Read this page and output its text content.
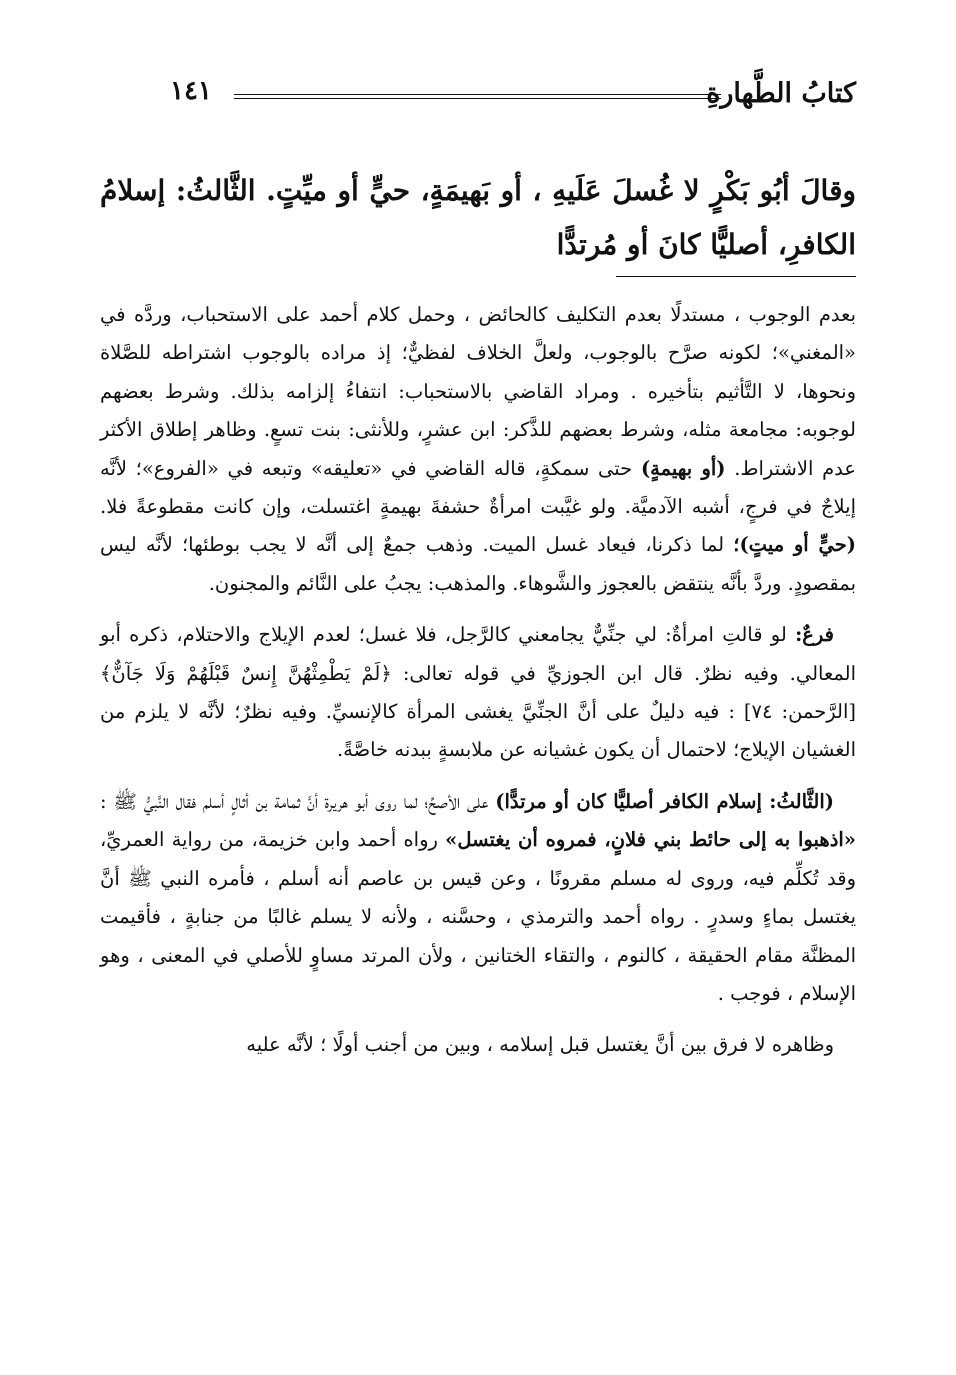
كتابُ الطَّهارةِ
١٤١
وقالَ أبُو بَكْرٍ لا غُسلَ عَلَيهِ ، أو بَهيمَةٍ، حيٍّ أو ميِّتٍ. الثَّالثُ: إسلامُ الكافرِ، أصليًّا كانَ أو مُرتدًّا

بعدم الوجوب ، مستدلًا بعدم التكليف كالحائض ، وحمل كلام أحمد على الاستحباب، وردَّه في «المغني»؛ لكونه صرَّح بالوجوب، ولعلَّ الخلاف لفظيٌّ؛ إذ مراده بالوجوب اشتراطه للصَّلاة ونحوها، لا التَّأثيم بتأخيره . ومراد القاضي بالاستحباب: انتفاءُ إلزامه بذلك. وشرط بعضهم لوجوبه: مجامعة مثله، وشرط بعضهم للذَّكر: ابن عشرٍ، وللأنثى: بنت تسعٍ. وظاهر إطلاق الأكثر عدم الاشتراط. (أو بهيمةٍ) حتى سمكةٍ، قاله القاضي في «تعليقه» وتبعه في «الفروع»؛ لأنَّه إيلاجٌ في فرجٍ، أشبه الآدميَّة. ولو غيَّبت امرأةٌ حشفةَ بهيمةٍ اغتسلت، وإن كانت مقطوعةً فلا. (حيٍّ أو ميتٍ)؛ لما ذكرنا، فيعاد غسل الميت. وذهب جمعٌ إلى أنَّه لا يجب بوطئها؛ لأنَّه ليس بمقصودٍ. وردَّ بأنَّه ينتقض بالعجوز والشَّوهاء. والمذهب: يجبُ على النَّائم والمجنون.

فرعٌ: لو قالتِ امرأةٌ: لي جنِّيٌّ يجامعني كالرَّجل، فلا غسل؛ لعدم الإيلاج والاحتلام، ذكره أبو المعالي. وفيه نظرٌ. قال ابن الجوزيِّ في قوله تعالى: ﴿لَمْ يَطْمِثْهُنَّ إِنسٌ قَبْلَهُمْ وَلَا جَآنٌّ﴾ [الرَّحمن: ٧٤] : فيه دليلٌ على أنَّ الجنِّيَّ يغشى المرأة كالإنسيِّ. وفيه نظرٌ؛ لأنَّه لا يلزم من الغشيان الإيلاج؛ لاحتمال أن يكون غشيانه عن ملابسةٍ ببدنه خاصَّةً.

(الثَّالثُ: إسلام الكافر أصليًّا كان أو مرتدًّا) على الأصحِّ؛ لما روى أبو هريرة أنَّ ثمامة بن أثالٍ أسلم فقال النَّبيُّ ﷺ : «اذهبوا به إلى حائط بني فلانٍ، فمروه أن يغتسل» رواه أحمد وابن خزيمة، من رواية العمريِّ، وقد تُكلِّم فيه، وروى له مسلم مقرونًا ، وعن قيس بن عاصم أنه أسلم ، فأمره النبي ﷺ أنَّ يغتسل بماءٍ وسدرٍ . رواه أحمد والترمذي ، وحسَّنه ، ولأنه لا يسلم غالبًا من جنابةٍ ، فأقيمت المظنَّة مقام الحقيقة ، كالنوم ، والتقاء الختانين ، ولأن المرتد مساوٍ للأصلي في المعنى ، وهو الإسلام ، فوجب .

وظاهره لا فرق بين أنَّ يغتسل قبل إسلامه ، وبين من أجنب أولًا ؛ لأنَّه عليه
